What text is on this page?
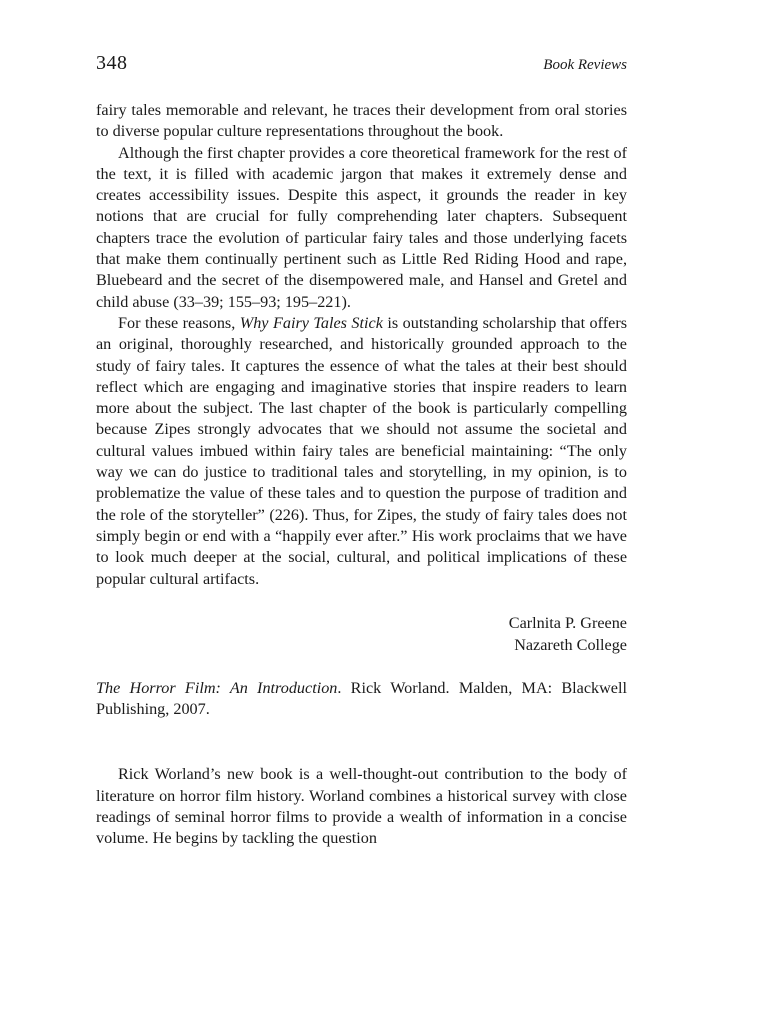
348	Book Reviews

fairy tales memorable and relevant, he traces their development from oral stories to diverse popular culture representations throughout the book.

Although the first chapter provides a core theoretical framework for the rest of the text, it is filled with academic jargon that makes it extremely dense and creates accessibility issues. Despite this aspect, it grounds the reader in key notions that are crucial for fully comprehending later chapters. Subsequent chapters trace the evolution of particular fairy tales and those underlying facets that make them continually pertinent such as Little Red Riding Hood and rape, Bluebeard and the secret of the disempowered male, and Hansel and Gretel and child abuse (33–39; 155–93; 195–221).

For these reasons, Why Fairy Tales Stick is outstanding scholarship that offers an original, thoroughly researched, and historically grounded approach to the study of fairy tales. It captures the essence of what the tales at their best should reflect which are engaging and imaginative stories that inspire readers to learn more about the subject. The last chapter of the book is particularly compelling because Zipes strongly advocates that we should not assume the societal and cultural values imbued within fairy tales are beneficial maintaining: “The only way we can do justice to traditional tales and storytelling, in my opinion, is to problematize the value of these tales and to question the purpose of tradition and the role of the storyteller” (226). Thus, for Zipes, the study of fairy tales does not simply begin or end with a “happily ever after.” His work proclaims that we have to look much deeper at the social, cultural, and political implications of these popular cultural artifacts.

Carlnita P. Greene
Nazareth College
The Horror Film: An Introduction. Rick Worland. Malden, MA: Blackwell Publishing, 2007.

Rick Worland’s new book is a well-thought-out contribution to the body of literature on horror film history. Worland combines a historical survey with close readings of seminal horror films to provide a wealth of information in a concise volume. He begins by tackling the question
